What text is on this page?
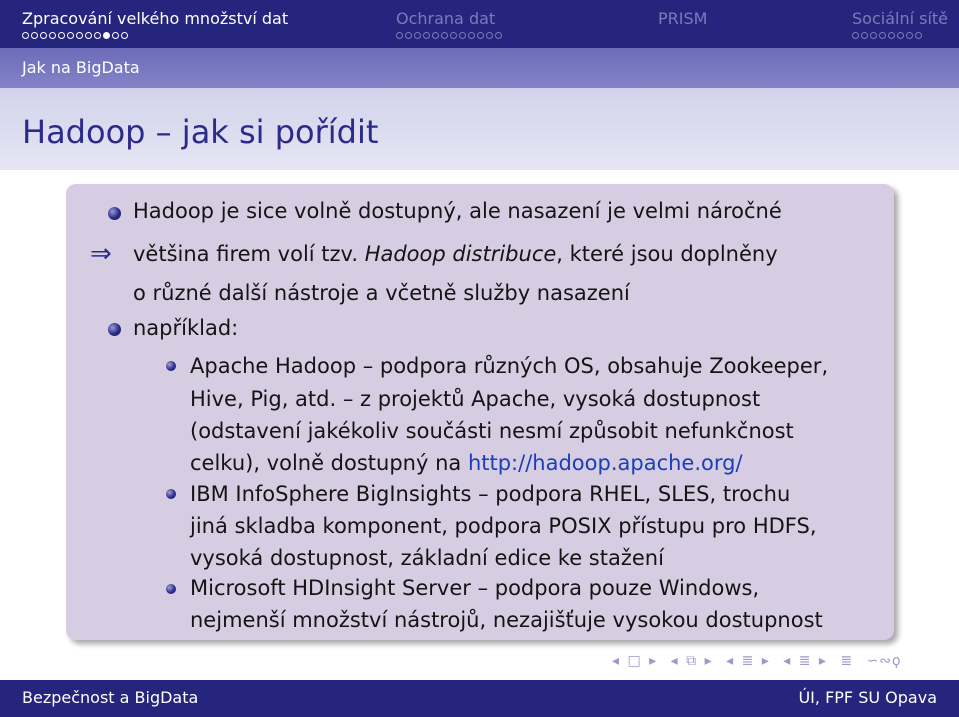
Zpracování velkého množství dat	Ochrana dat	PRISM	Sociální sítě
Jak na BigData
Hadoop – jak si pořídit
Hadoop je sice volně dostupný, ale nasazení je velmi náročné
⇒ většina firem volí tzv. Hadoop distribuce, které jsou doplněny
o různé další nástroje a včetně služby nasazení
například:
Apache Hadoop – podpora různých OS, obsahuje Zookeeper,
Hive, Pig, atd. – z projektů Apache, vysoká dostupnost
(odstavení jakékoliv součásti nesmí způsobit nefunkčnost
celku), volně dostupný na http://hadoop.apache.org/
IBM InfoSphere BigInsights – podpora RHEL, SLES, trochu
jiná skladba komponent, podpora POSIX přístupu pro HDFS,
vysoká dostupnost, základní edice ke stažení
Microsoft HDInsight Server – podpora pouze Windows,
nejmenší množství nástrojů, nezajišťuje vysokou dostupnost
◂ □ ▸ ◂ ⧉ ▸ ◂ ≣ ▸ ◂ ≣ ▸ ≣ ∽∾ϙ
Bezpečnost a BigData	ÚI, FPF SU Opava
